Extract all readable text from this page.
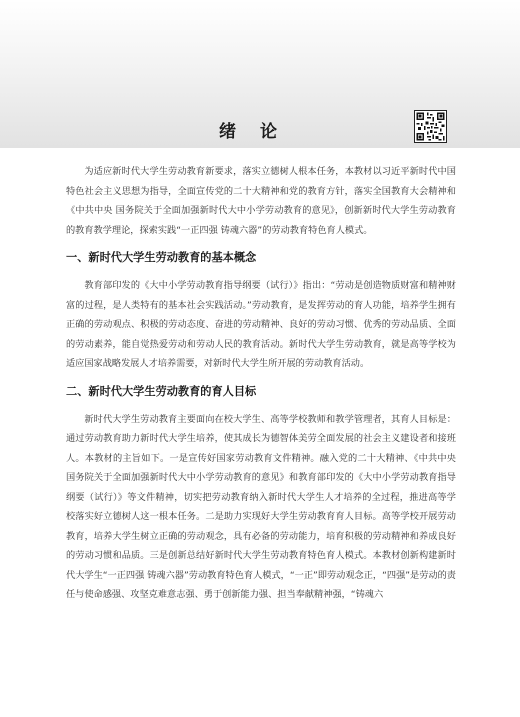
绪论

为适应新时代大学生劳动教育新要求，落实立德树人根本任务，本教材以习近平新时代中国特色社会主义思想为指导，全面宣传党的二十大精神和党的教育方针，落实全国教育大会精神和《中共中央 国务院关于全面加强新时代大中小学劳动教育的意见》，创新新时代大学生劳动教育的教育教学理论，探索实践“一正四强 铸魂六器”的劳动教育特色育人模式。

一、新时代大学生劳动教育的基本概念

教育部印发的《大中小学劳动教育指导纲要（试行）》指出：“劳动是创造物质财富和精神财富的过程，是人类特有的基本社会实践活动。”劳动教育，是发挥劳动的育人功能，培养学生拥有正确的劳动观点、积极的劳动态度、奋进的劳动精神、良好的劳动习惯、优秀的劳动品质、全面的劳动素养，能自觉热爱劳动和劳动人民的教育活动。新时代大学生劳动教育，就是高等学校为适应国家战略发展人才培养需要，对新时代大学生所开展的劳动教育活动。

二、新时代大学生劳动教育的育人目标

新时代大学生劳动教育主要面向在校大学生、高等学校教师和教学管理者，其育人目标是：通过劳动教育助力新时代大学生培养，使其成长为德智体美劳全面发展的社会主义建设者和接班人。本教材的主旨如下。一是宣传好国家劳动教育文件精神。融入党的二十大精神、《中共中央 国务院关于全面加强新时代大中小学劳动教育的意见》和教育部印发的《大中小学劳动教育指导纲要（试行）》等文件精神，切实把劳动教育纳入新时代大学生人才培养的全过程，推进高等学校落实好立德树人这一根本任务。二是助力实现好大学生劳动教育育人目标。高等学校开展劳动教育，培养大学生树立正确的劳动观念，具有必备的劳动能力，培育积极的劳动精神和养成良好的劳动习惯和品质。三是创新总结好新时代大学生劳动教育特色育人模式。本教材创新构建新时代大学生“一正四强 铸魂六器”劳动教育特色育人模式，“一正”即劳动观念正，“四强”是劳动的责任与使命感强、攻坚克难意志强、勇于创新能力强、担当奉献精神强，“铸魂六
